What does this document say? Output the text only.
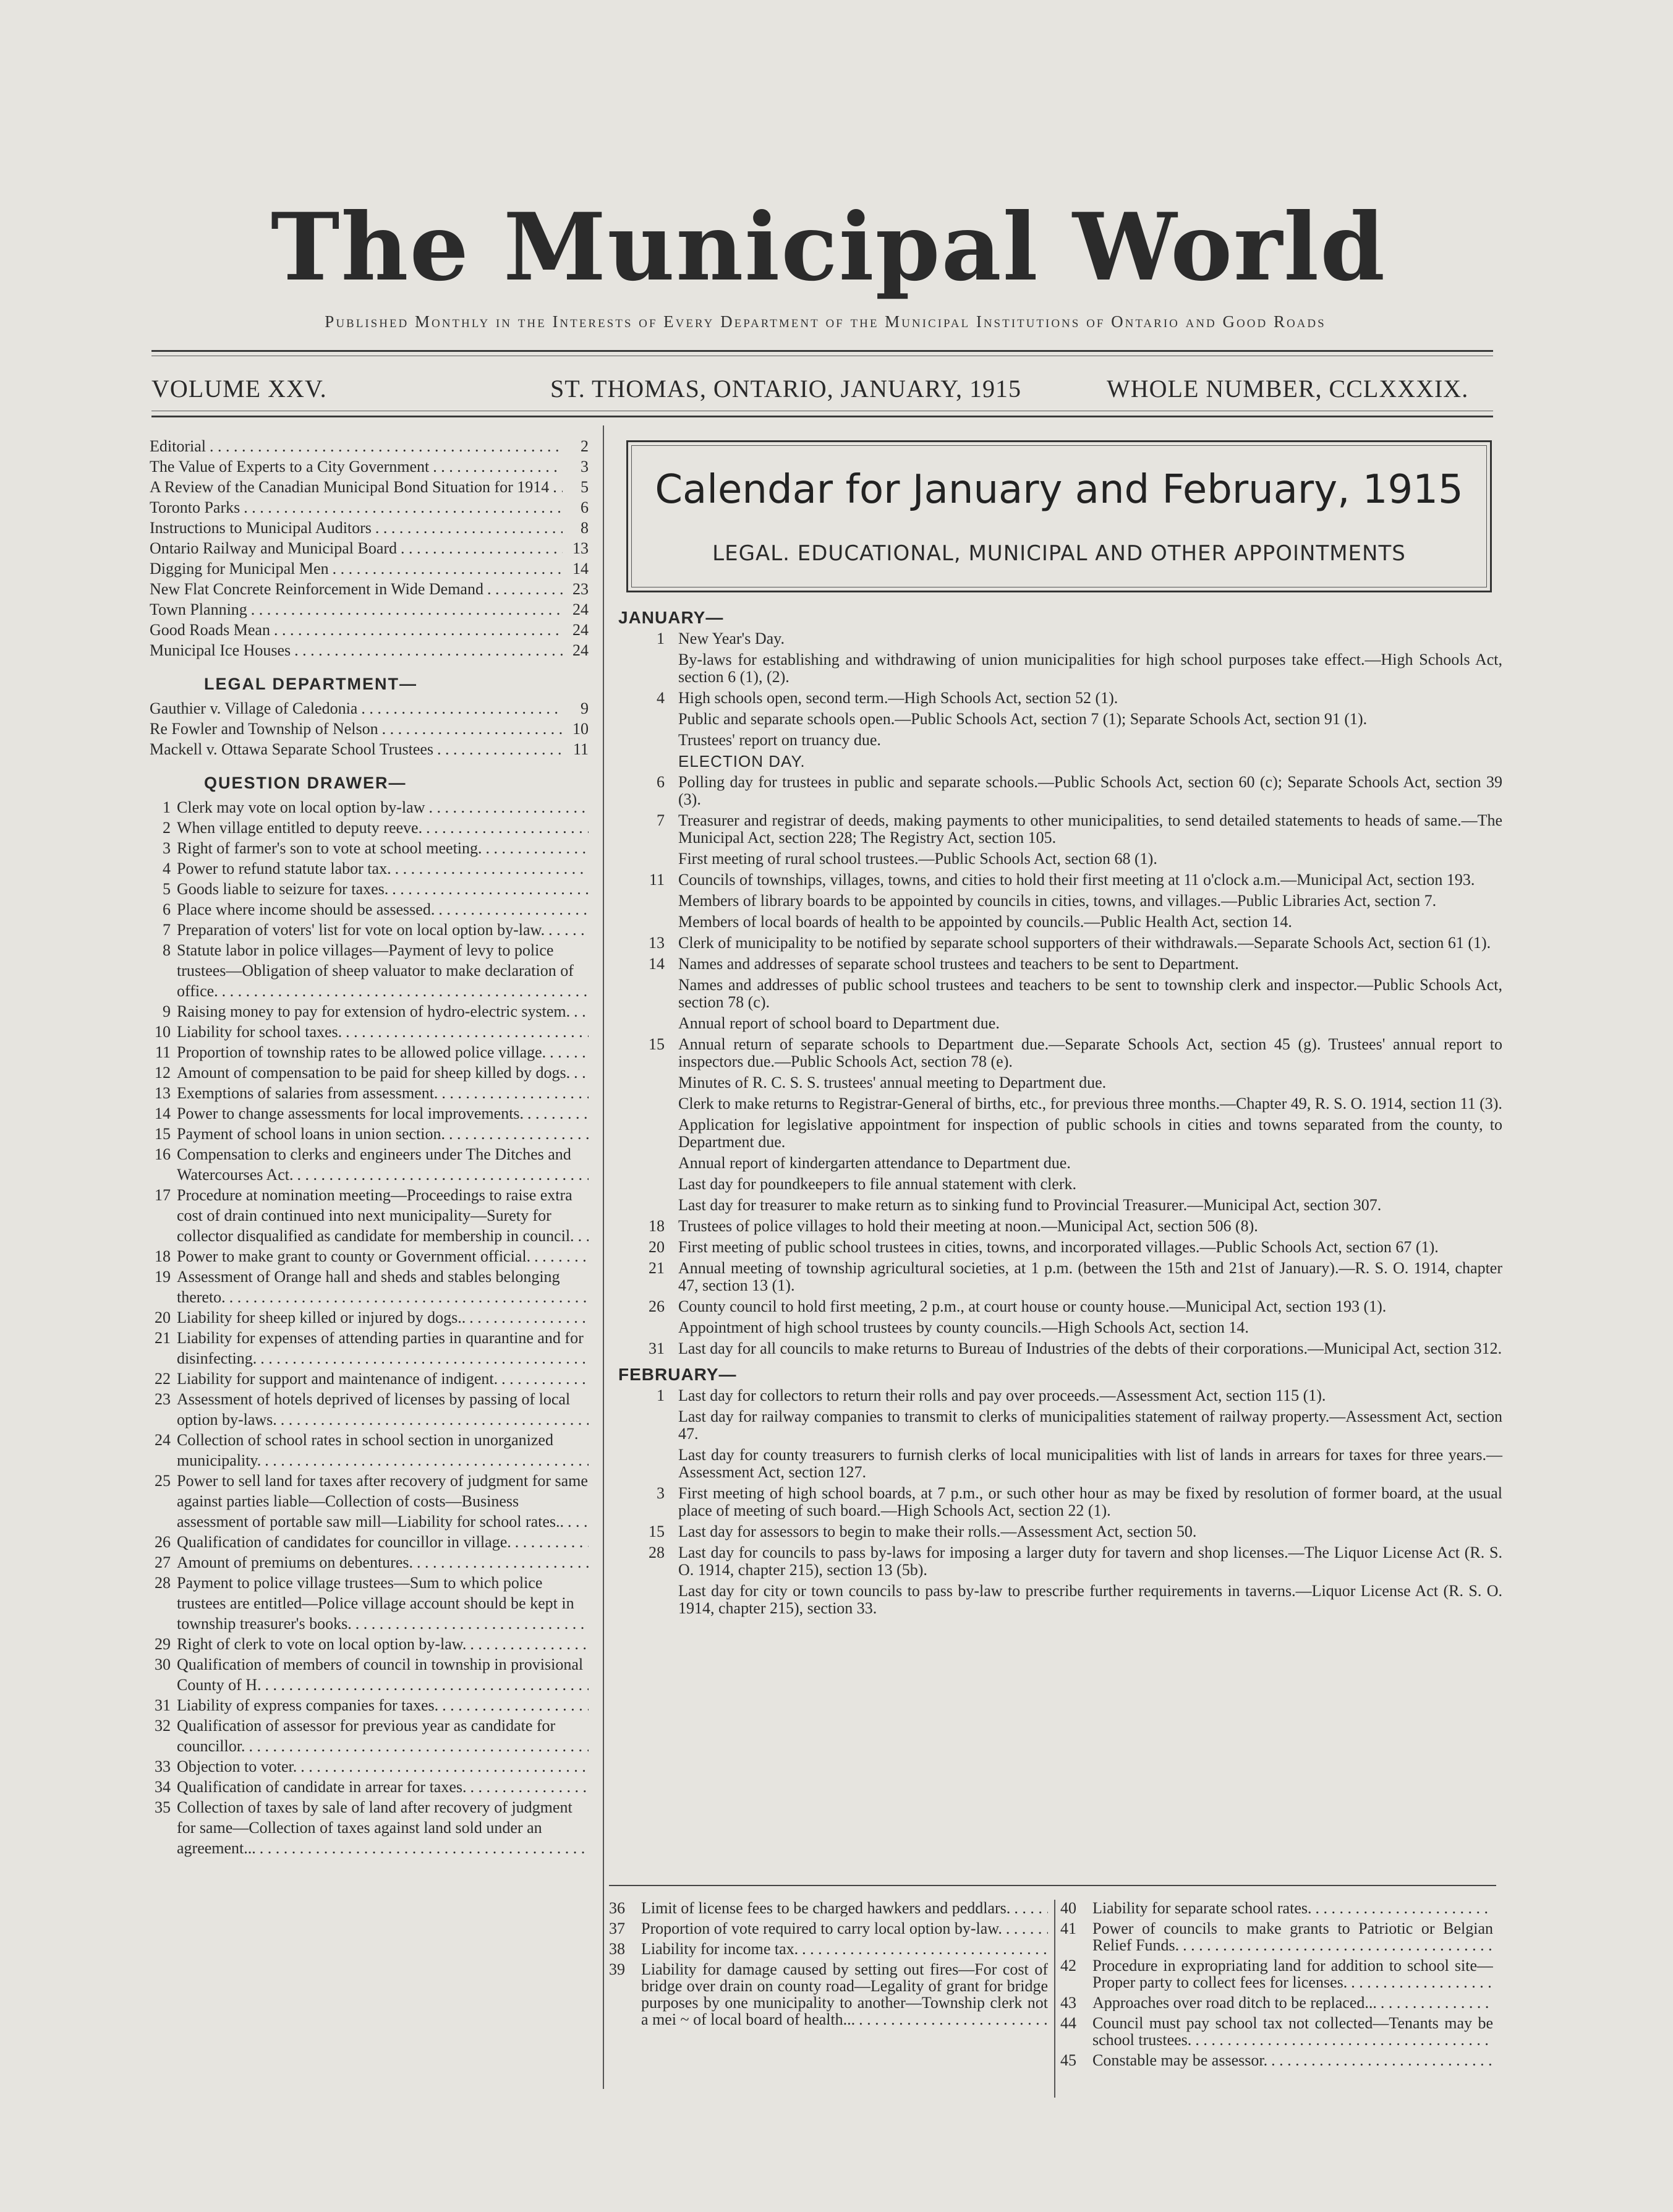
The Municipal World
Published Monthly in the Interests of Every Department of the Municipal Institutions of Ontario and Good Roads
VOLUME XXV.	ST. THOMAS, ONTARIO, JANUARY, 1915	WHOLE NUMBER, CCLXXXIX.
Editorial . . .	2
The Value of Experts to a City Government . . .	3
A Review of the Canadian Municipal Bond Situation for 1914 . . .	5
Toronto Parks . . .	6
Instructions to Municipal Auditors . . .	8
Ontario Railway and Municipal Board . . .	13
Digging for Municipal Men . . .	14
New Flat Concrete Reinforcement in Wide Demand . . .	23
Town Planning . . .	24
Good Roads Mean . . .	24
Municipal Ice Houses . . .	24
LEGAL DEPARTMENT—
Gauthier v. Village of Caledonia . . .	9
Re Fowler and Township of Nelson . . .	10
Mackell v. Ottawa Separate School Trustees . . .	11
QUESTION DRAWER—
1 Clerk may vote on local option by-law . . .
2 When village entitled to deputy reeve. . . .
3 Right of farmer's son to vote at school meeting. . . .
4 Power to refund statute labor tax. . . .
5 Goods liable to seizure for taxes. . . .
6 Place where income should be assessed. . . .
7 Preparation of voters' list for vote on local option by-law. . . .
8 Statute labor in police villages—Payment of levy to police trustees—Obligation of sheep valuator to make declaration of office. . . .
9 Raising money to pay for extension of hydro-electric system. . . .
10 Liability for school taxes. . . .
11 Proportion of township rates to be allowed police village. . . .
12 Amount of compensation to be paid for sheep killed by dogs. . . .
13 Exemptions of salaries from assessment. . . .
14 Power to change assessments for local improvements. . . .
15 Payment of school loans in union section. . . .
16 Compensation to clerks and engineers under The Ditches and Watercourses Act. . . .
17 Procedure at nomination meeting—Proceedings to raise extra cost of drain continued into next municipality—Surety for collector disqualified as candidate for membership in council. . . .
18 Power to make grant to county or Government official. . . .
19 Assessment of Orange hall and sheds and stables belonging thereto. . . .
20 Liability for sheep killed or injured by dogs.. . . .
21 Liability for expenses of attending parties in quarantine and for disinfecting. . . .
22 Liability for support and maintenance of indigent. . . .
23 Assessment of hotels deprived of licenses by passing of local option by-laws. . . .
24 Collection of school rates in school section in unorganized municipality. . . .
25 Power to sell land for taxes after recovery of judgment for same against parties liable—Collection of costs—Business assessment of portable saw mill—Liability for school rates.. . . .
26 Qualification of candidates for councillor in village. . . .
27 Amount of premiums on debentures. . . .
28 Payment to police village trustees—Sum to which police trustees are entitled—Police village account should be kept in township treasurer's books. . . .
29 Right of clerk to vote on local option by-law. . . .
30 Qualification of members of council in township in provisional County of H. . . .
31 Liability of express companies for taxes. . . .
32 Qualification of assessor for previous year as candidate for councillor. . . .
33 Objection to voter. . . .
34 Qualification of candidate in arrear for taxes. . . .
35 Collection of taxes by sale of land after recovery of judgment for same—Collection of taxes against land sold under an agreement... . . .
Calendar for January and February, 1915
LEGAL. EDUCATIONAL, MUNICIPAL AND OTHER APPOINTMENTS
JANUARY—
1 New Year's Day.
By-laws for establishing and withdrawing of union municipalities for high school purposes take effect.—High Schools Act, section 6 (1), (2).
4 High schools open, second term.—High Schools Act, section 52 (1).
Public and separate schools open.—Public Schools Act, section 7 (1); Separate Schools Act, section 91 (1).
Trustees' report on truancy due.
ELECTION DAY.
6 Polling day for trustees in public and separate schools.—Public Schools Act, section 60 (c); Separate Schools Act, section 39 (3).
7 Treasurer and registrar of deeds, making payments to other municipalities, to send detailed statements to heads of same.—The Municipal Act, section 228; The Registry Act, section 105.
First meeting of rural school trustees.—Public Schools Act, section 68 (1).
11 Councils of townships, villages, towns, and cities to hold their first meeting at 11 o'clock a.m.—Municipal Act, section 193.
Members of library boards to be appointed by councils in cities, towns, and villages.—Public Libraries Act, section 7.
Members of local boards of health to be appointed by councils.—Public Health Act, section 14.
13 Clerk of municipality to be notified by separate school supporters of their withdrawals.—Separate Schools Act, section 61 (1).
14 Names and addresses of separate school trustees and teachers to be sent to Department.
Names and addresses of public school trustees and teachers to be sent to township clerk and inspector.—Public Schools Act, section 78 (c).
Annual report of school board to Department due.
15 Annual return of separate schools to Department due.—Separate Schools Act, section 45 (g). Trustees' annual report to inspectors due.—Public Schools Act, section 78 (e).
Minutes of R. C. S. S. trustees' annual meeting to Department due.
Clerk to make returns to Registrar-General of births, etc., for previous three months.—Chapter 49, R. S. O. 1914, section 11 (3).
Application for legislative appointment for inspection of public schools in cities and towns separated from the county, to Department due.
Annual report of kindergarten attendance to Department due.
Last day for poundkeepers to file annual statement with clerk.
Last day for treasurer to make return as to sinking fund to Provincial Treasurer.—Municipal Act, section 307.
18 Trustees of police villages to hold their meeting at noon.—Municipal Act, section 506 (8).
20 First meeting of public school trustees in cities, towns, and incorporated villages.—Public Schools Act, section 67 (1).
21 Annual meeting of township agricultural societies, at 1 p.m. (between the 15th and 21st of January).—R. S. O. 1914, chapter 47, section 13 (1).
26 County council to hold first meeting, 2 p.m., at court house or county house.—Municipal Act, section 193 (1).
Appointment of high school trustees by county councils.—High Schools Act, section 14.
31 Last day for all councils to make returns to Bureau of Industries of the debts of their corporations.—Municipal Act, section 312.
FEBRUARY—
1 Last day for collectors to return their rolls and pay over proceeds.—Assessment Act, section 115 (1).
Last day for railway companies to transmit to clerks of municipalities statement of railway property.—Assessment Act, section 47.
Last day for county treasurers to furnish clerks of local municipalities with list of lands in arrears for taxes for three years.—Assessment Act, section 127.
3 First meeting of high school boards, at 7 p.m., or such other hour as may be fixed by resolution of former board, at the usual place of meeting of such board.—High Schools Act, section 22 (1).
15 Last day for assessors to begin to make their rolls.—Assessment Act, section 50.
28 Last day for councils to pass by-laws for imposing a larger duty for tavern and shop licenses.—The Liquor License Act (R. S. O. 1914, chapter 215), section 13 (5b).
Last day for city or town councils to pass by-law to prescribe further requirements in taverns.—Liquor License Act (R. S. O. 1914, chapter 215), section 33.
36	Limit of license fees to be charged hawkers and peddlars. . . .
37	Proportion of vote required to carry local option by-law. . . .
38	Liability for income tax. . . .
39	Liability for damage caused by setting out fires—For cost of bridge over drain on county road—Legality of grant for bridge purposes by one municipality to another—Township clerk not a mei ~ of local board of health... . . .
40	Liability for separate school rates. . . .
41	Power of councils to make grants to Patriotic or Belgian Relief Funds. . . .
42	Procedure in expropriating land for addition to school site—Proper party to collect fees for licenses. . . .
43	Approaches over road ditch to be replaced... . . .
44	Council must pay school tax not collected—Tenants may be school trustees. . . .
45	Constable may be assessor. . . .
